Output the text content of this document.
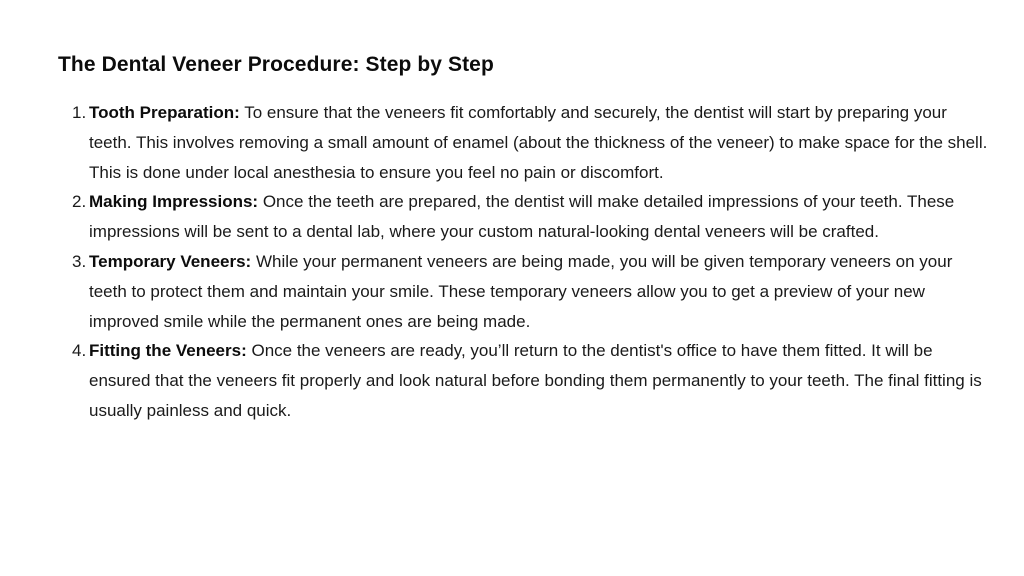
The Dental Veneer Procedure: Step by Step
1. Tooth Preparation: To ensure that the veneers fit comfortably and securely, the dentist will start by preparing your teeth. This involves removing a small amount of enamel (about the thickness of the veneer) to make space for the shell. This is done under local anesthesia to ensure you feel no pain or discomfort.
2. Making Impressions: Once the teeth are prepared, the dentist will make detailed impressions of your teeth. These impressions will be sent to a dental lab, where your custom natural-looking dental veneers will be crafted.
3. Temporary Veneers: While your permanent veneers are being made, you will be given temporary veneers on your teeth to protect them and maintain your smile. These temporary veneers allow you to get a preview of your new improved smile while the permanent ones are being made.
4. Fitting the Veneers: Once the veneers are ready, you’ll return to the dentist's office to have them fitted. It will be ensured that the veneers fit properly and look natural before bonding them permanently to your teeth. The final fitting is usually painless and quick.
